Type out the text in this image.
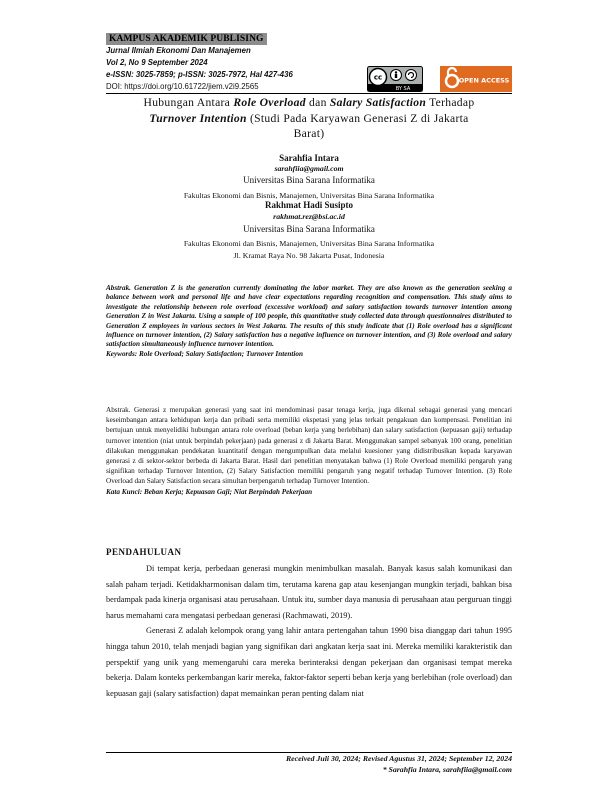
KAMPUS AKADEMIK PUBLISING
Jurnal Ilmiah Ekonomi Dan Manajemen
Vol 2, No 9 September 2024
e-ISSN: 3025-7859; p-ISSN: 3025-7972, Hal 427-436
DOI: https://doi.org/10.61722/jiem.v2i9.2565
cc
BY SA
OPEN ACCESS
Hubungan Antara Role Overload dan Salary Satisfaction Terhadap
Turnover Intention (Studi Pada Karyawan Generasi Z di Jakarta
Barat)
Sarahfia Intara
sarahfiia@gmail.com
Universitas Bina Sarana Informatika
Fakultas Ekonomi dan Bisnis, Manajemen, Universitas Bina Sarana Informatika
Rakhmat Hadi Susipto
rakhmat.rez@bsi.ac.id
Universitas Bina Sarana Informatika
Fakultas Ekonomi dan Bisnis, Manajemen, Universitas Bina Sarana Informatika
Jl. Kramat Raya No. 98 Jakarta Pusat, Indonesia
Abstrak. Generation Z is the generation currently dominating the labor market. They are also known as the generation seeking a balance between work and personal life and have clear expectations regarding recognition and compensation. This study aims to investigate the relationship between role overload (excessive workload) and salary satisfaction towards turnover intention among Generation Z in West Jakarta. Using a sample of 100 people, this quantitative study collected data through questionnaires distributed to Generation Z employees in various sectors in West Jakarta. The results of this study indicate that (1) Role overload has a significant influence on turnover intention, (2) Salary satisfaction has a negative influence on turnover intention, and (3) Role overload and salary satisfaction simultaneously influence turnover intention.
Keywords: Role Overload; Salary Satisfaction; Turnover Intention
Abstrak. Generasi z merupakan generasi yang saat ini mendominasi pasar tenaga kerja, juga dikenal sebagai generasi yang mencari keseimbangan antara kehidupan kerja dan pribadi serta memiliki ekspetasi yang jelas terkait pengakuan dan kompensasi. Penelitian ini bertujuan untuk menyelidiki hubungan antara role overload (beban kerja yang berlebihan) dan salary satisfaction (kepuasan gaji) terhadap turnover intention (niat untuk berpindah pekerjaan) pada generasi z di Jakarta Barat. Menggunakan sampel sebanyak 100 orang, penelitian dilakukan menggunakan pendekatan kuantitatif dengan mengumpulkan data melalui kuesioner yang didistribusikan kepada karyawan generasi z di sektor-sektor berbeda di Jakarta Barat. Hasil dari penelitian menyatakan bahwa (1) Role Overload memiliki pengaruh yang signifikan terhadap Turnover Intention, (2) Salary Satisfaction memiliki pengaruh yang negatif terhadap Turnover Intention. (3) Role Overload dan Salary Satisfaction secara simultan berpengaruh terhadap Turnover Intention.
Kata Kunci: Beban Kerja; Kepuasan Gaji; Niat Berpindah Pekerjaan
PENDAHULUAN

Di tempat kerja, perbedaan generasi mungkin menimbulkan masalah. Banyak kasus salah komunikasi dan salah paham terjadi. Ketidakharmonisan dalam tim, terutama karena gap atau kesenjangan mungkin terjadi, bahkan bisa berdampak pada kinerja organisasi atau perusahaan. Untuk itu, sumber daya manusia di perusahaan atau perguruan tinggi harus memahami cara mengatasi perbedaan generasi (Rachmawati, 2019).

Generasi Z adalah kelompok orang yang lahir antara pertengahan tahun 1990 bisa dianggap dari tahun 1995 hingga tahun 2010, telah menjadi bagian yang signifikan dari angkatan kerja saat ini. Mereka memiliki karakteristik dan perspektif yang unik yang memengaruhi cara mereka berinteraksi dengan pekerjaan dan organisasi tempat mereka bekerja. Dalam konteks perkembangan karir mereka, faktor-faktor seperti beban kerja yang berlebihan (role overload) dan kepuasan gaji (salary satisfaction) dapat memainkan peran penting dalam niat

Received Juli 30, 2024; Revised Agustus 31, 2024; September 12, 2024
* Sarahfia Intara, sarahfiia@gmail.com
